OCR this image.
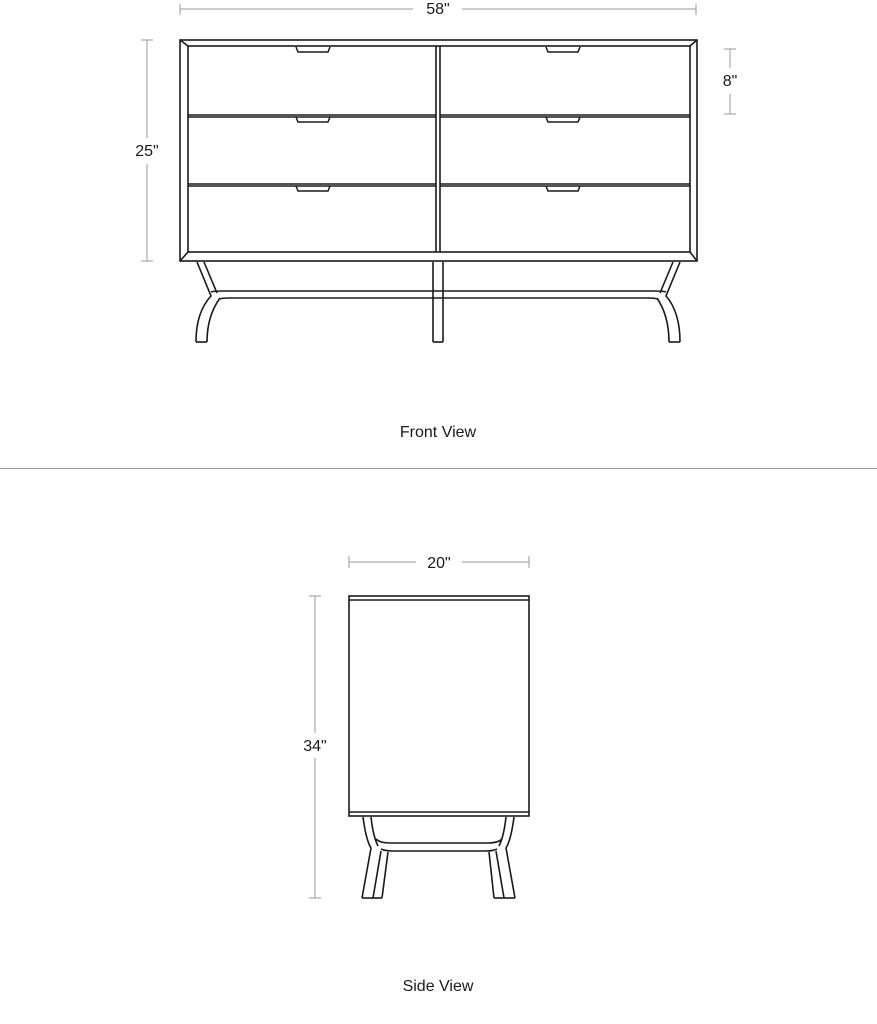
58"
25"
8"
20"
34"
Front View
Side View
